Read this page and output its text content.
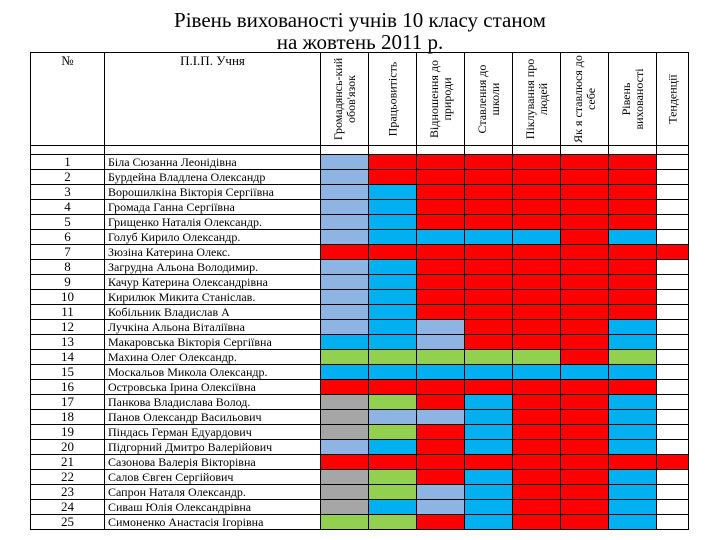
Рівень вихованості учнів 10 класу станом
на жовтень 2011 р.
№	П.І.П. Учня	Громадянсь-кий обов'язок	Працьовитість	Відношення до природи	Ставлення до школи	Піклування про людей	Як я ставлюся до себе	Рівень вихованості	Тенденції

1	Біла Сюзанна Леонідівна								
2	Бурдейна Владлена Олександр								
3	Ворошилкіна Вікторія Сергіївна								
4	Громада Ганна Сергіївна								
5	Грищенко Наталія Олександр.								
6	Голуб Кирило Олександр.								
7	Зюзіна Катерина Олекс.								
8	Загрудна Альона Володимир.								
9	Качур Катерина Олександрівна								
10	Кирилюк Микита Станіслав.								
11	Кобільник Владислав А								
12	Лучкіна Альона Віталіївна								
13	Макаровська Вікторія Сергіївна								
14	Махина Олег Олександр.								
15	Москальов Микола Олександр.								
16	Островська Ірина Олексіївна								
17	Панкова Владислава Волод.								
18	Панов Олександр Васильович								
19	Піндась Герман Едуардович								
20	Підгорний Дмитро Валерійович								
21	Сазонова Валерія Вікторівна								
22	Салов Євген Сергійович								
23	Сапрон Наталя Олександр.								
24	Сиваш Юлія Олександрівна								
25	Симоненко Анастасія Ігорівна								
